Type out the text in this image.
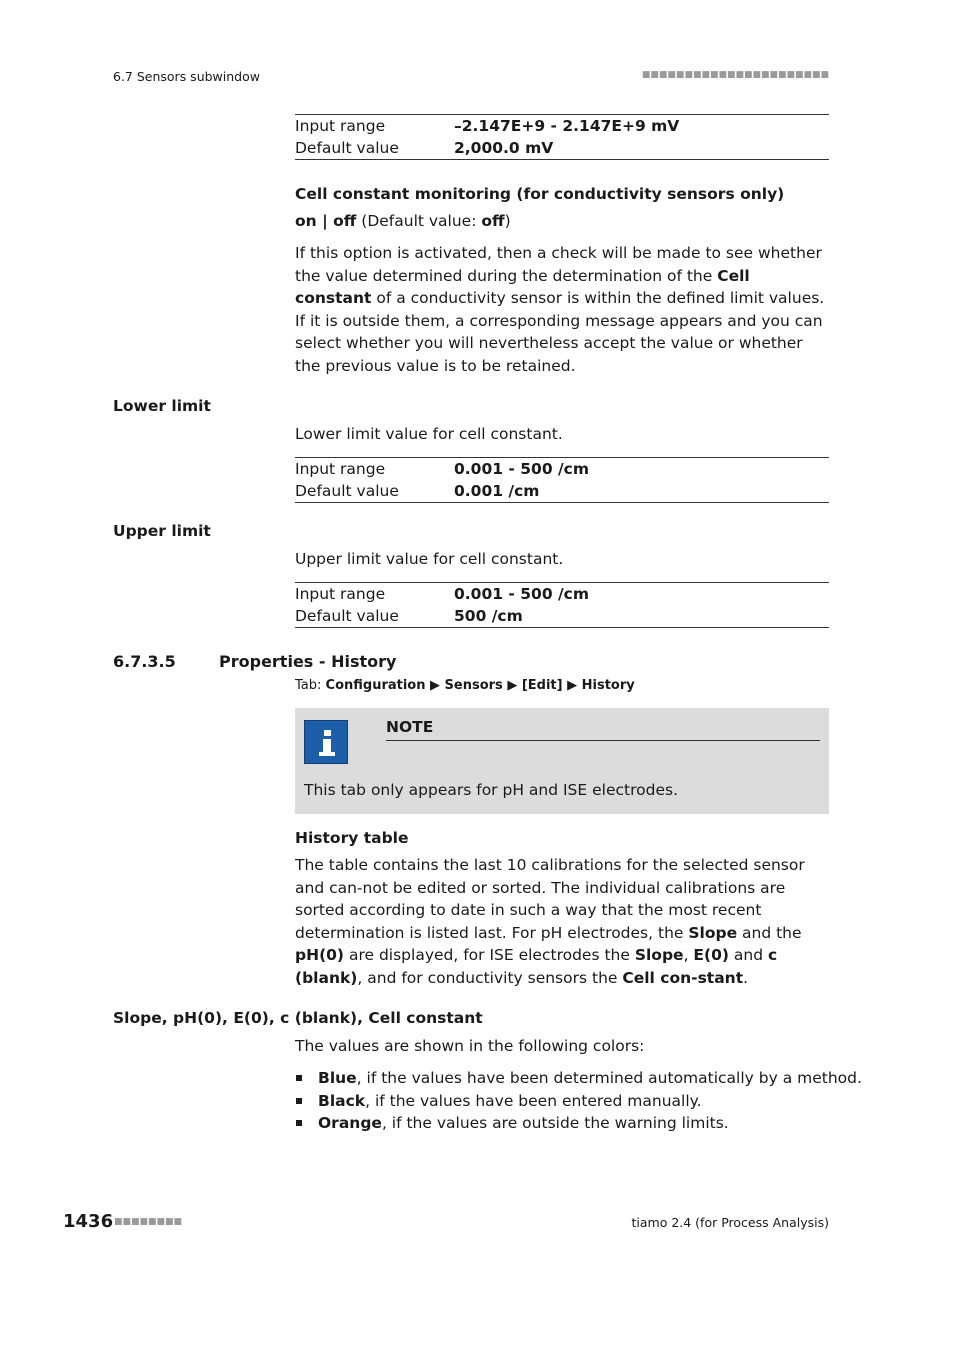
6.7 Sensors subwindow	■■■■■■■■■■■■■■■■■■■■■■
Input range	–2.147E+9 - 2.147E+9 mV
Default value	2,000.0 mV
Cell constant monitoring (for conductivity sensors only)
on | off (Default value: off)
If this option is activated, then a check will be made to see whether the value determined during the determination of the Cell constant of a conductivity sensor is within the defined limit values. If it is outside them, a corresponding message appears and you can select whether you will nevertheless accept the value or whether the previous value is to be retained.
Lower limit
Lower limit value for cell constant.
Input range	0.001 - 500 /cm
Default value	0.001 /cm
Upper limit
Upper limit value for cell constant.
Input range	0.001 - 500 /cm
Default value	500 /cm
6.7.3.5	Properties - History
Tab: Configuration ▶ Sensors ▶ [Edit] ▶ History
NOTE
This tab only appears for pH and ISE electrodes.
History table
The table contains the last 10 calibrations for the selected sensor and can-not be edited or sorted. The individual calibrations are sorted according to date in such a way that the most recent determination is listed last. For pH electrodes, the Slope and the pH(0) are displayed, for ISE electrodes the Slope, E(0) and c (blank), and for conductivity sensors the Cell con-stant.
Slope, pH(0), E(0), c (blank), Cell constant
The values are shown in the following colors:
Blue, if the values have been determined automatically by a method.
Black, if the values have been entered manually.
Orange, if the values are outside the warning limits.
1436 ■■■■■■■■	tiamo 2.4 (for Process Analysis)
